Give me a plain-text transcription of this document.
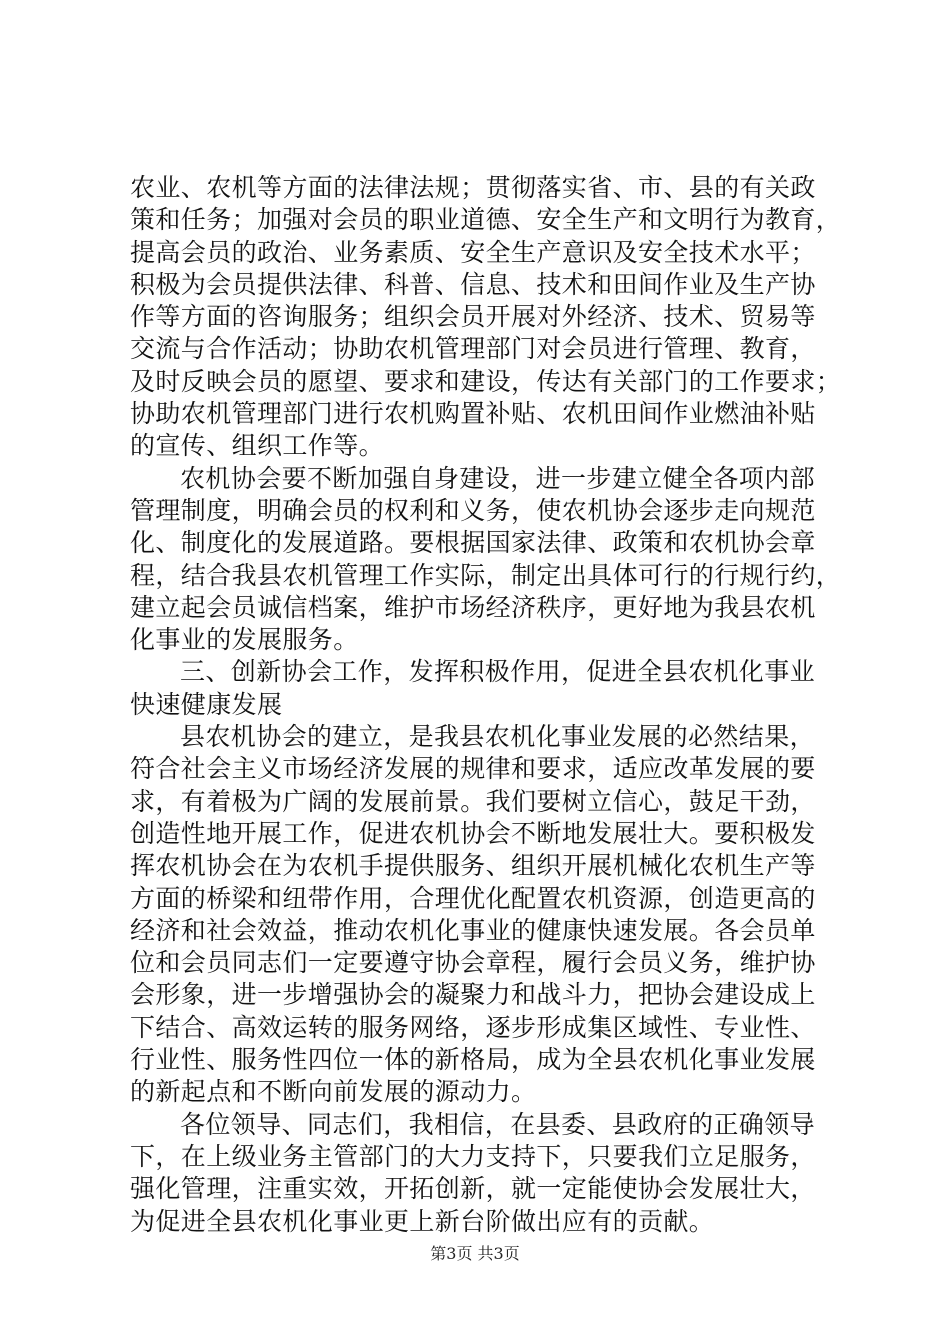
农业、农机等方面的法律法规；贯彻落实省、市、县的有关政
策和任务；加强对会员的职业道德、安全生产和文明行为教育，
提高会员的政治、业务素质、安全生产意识及安全技术水平；
积极为会员提供法律、科普、信息、技术和田间作业及生产协
作等方面的咨询服务；组织会员开展对外经济、技术、贸易等
交流与合作活动；协助农机管理部门对会员进行管理、教育，
及时反映会员的愿望、要求和建设，传达有关部门的工作要求；
协助农机管理部门进行农机购置补贴、农机田间作业燃油补贴
的宣传、组织工作等。
农机协会要不断加强自身建设，进一步建立健全各项内部
管理制度，明确会员的权利和义务，使农机协会逐步走向规范
化、制度化的发展道路。要根据国家法律、政策和农机协会章
程，结合我县农机管理工作实际，制定出具体可行的行规行约，
建立起会员诚信档案，维护市场经济秩序，更好地为我县农机
化事业的发展服务。
三、创新协会工作，发挥积极作用，促进全县农机化事业
快速健康发展
县农机协会的建立，是我县农机化事业发展的必然结果，
符合社会主义市场经济发展的规律和要求，适应改革发展的要
求，有着极为广阔的发展前景。我们要树立信心，鼓足干劲，
创造性地开展工作，促进农机协会不断地发展壮大。要积极发
挥农机协会在为农机手提供服务、组织开展机械化农机生产等
方面的桥梁和纽带作用，合理优化配置农机资源，创造更高的
经济和社会效益，推动农机化事业的健康快速发展。各会员单
位和会员同志们一定要遵守协会章程，履行会员义务，维护协
会形象，进一步增强协会的凝聚力和战斗力，把协会建设成上
下结合、高效运转的服务网络，逐步形成集区域性、专业性、
行业性、服务性四位一体的新格局，成为全县农机化事业发展
的新起点和不断向前发展的源动力。
各位领导、同志们，我相信，在县委、县政府的正确领导
下，在上级业务主管部门的大力支持下，只要我们立足服务，
强化管理，注重实效，开拓创新，就一定能使协会发展壮大，
为促进全县农机化事业更上新台阶做出应有的贡献。
第3页 共3页
